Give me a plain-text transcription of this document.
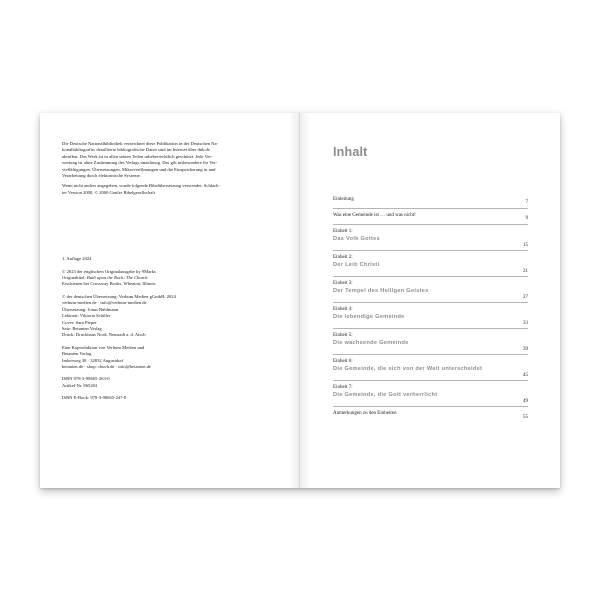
Die Deutsche Nationalbibliothek verzeichnet diese Publikation in der Deutschen Na-

tionalbibliografie; detaillierte bibliografische Daten sind im Internet über dnb.de

abrufbar. Das Werk ist in allen seinen Teilen urheberrechtlich geschützt. Jede Ver-

wertung ist ohne Zustimmung des Verlags unzulässig. Das gilt insbesondere für Ver-

vielfältigungen, Übersetzungen, Mikroverfilmungen und die Einspeicherung in und

Verarbeitung durch elektronische Systeme.

Wenn nicht anders angegeben, wurde folgende Bibelübersetzung verwendet: Schlach-

ter Version 2000, © 2000 Genfer Bibelgesellschaft

1. Auflage 2024

© 2023 der englischen Originalausgabe by 9Marks

Originaltitel: Built upon the Rock: The Church

Erschienen bei Crossway Books, Wheaton, Illinois

© der deutschen Übersetzung: Verbum Medien gGmbH, 2024

verbum-medien.de · info@verbum-medien.de

Übersetzung: Jonas Bühlmann

Lektorat: Viktoria Schiller

Cover: Sara Pieper

Satz: Betanien Verlag

Druck: Druckhaus Nord, Neustadt a. d. Aisch

Eine Koproduktion von Verbum Medien und

Betanien Verlag

Imkerweg 38 · 32832 Augustdorf

betanien.de · shop: cbuch.de · info@betanien.de

ISBN 978-3-98665-263-0

Artikel-Nr. 865263

ISBN E-Book: 978-3-98665-247-0

Inhalt
Einleitung
7
Was eine Gemeinde ist … und was nicht!
9
Einheit 1:
Das Volk Gottes
15
Einheit 2:
Der Leib Christi
21
Einheit 3:
Der Tempel des Heiligen Geistes
27
Einheit 4:
Die lebendige Gemeinde
33
Einheit 5:
Die wachsende Gemeinde
39
Einheit 6:
Die Gemeinde, die sich von der Welt unterscheidet
45
Einheit 7:
Die Gemeinde, die Gott verherrlicht
49
Anmerkungen zu den Einheiten
55
